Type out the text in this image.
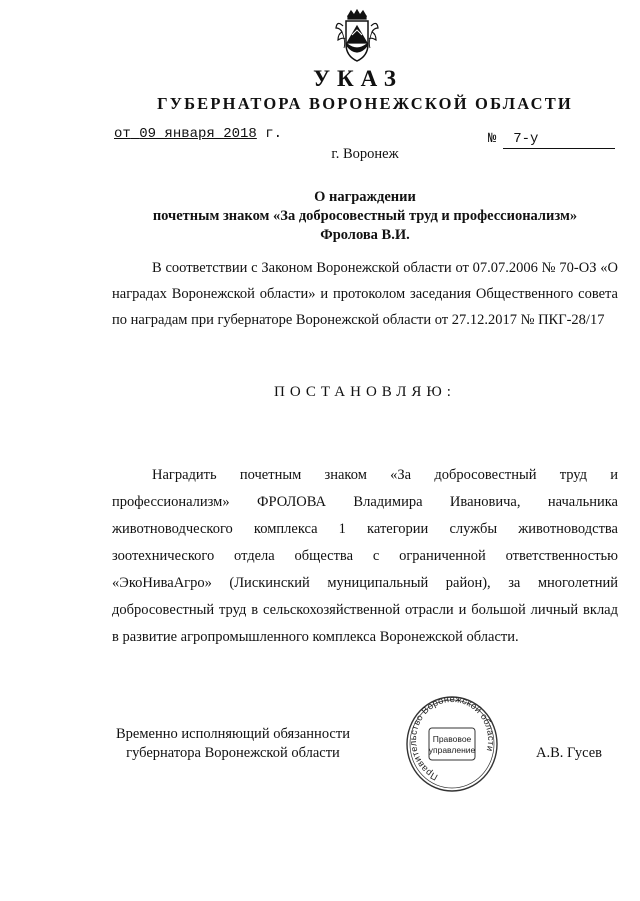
УКАЗ
ГУБЕРНАТОРА ВОРОНЕЖСКОЙ ОБЛАСТИ
от 09 января 2018 г.	№ 7-у
г. Воронеж
О награждении
почетным знаком «За добросовестный труд и профессионализм»
Фролова В.И.

В соответствии с Законом Воронежской области от 07.07.2006 № 70-ОЗ «О наградах Воронежской области» и протоколом заседания Общественного совета по наградам при губернаторе Воронежской области от 27.12.2017 № ПКГ-28/17

ПОСТАНОВЛЯЮ:

Наградить почетным знаком «За добросовестный труд и профессионализм» ФРОЛОВА Владимира Ивановича, начальника животноводческого комплекса 1 категории службы животноводства зоотехнического отдела общества с ограниченной ответственностью «ЭкоНиваАгро» (Лискинский муниципальный район), за многолетний добросовестный труд в сельскохозяйственной отрасли и большой личный вклад в развитие агропромышленного комплекса Воронежской области.

Временно исполняющий обязанности
губернатора Воронежской области
Правительство Воронежской области
Правовое
управление	А.В. Гусев
